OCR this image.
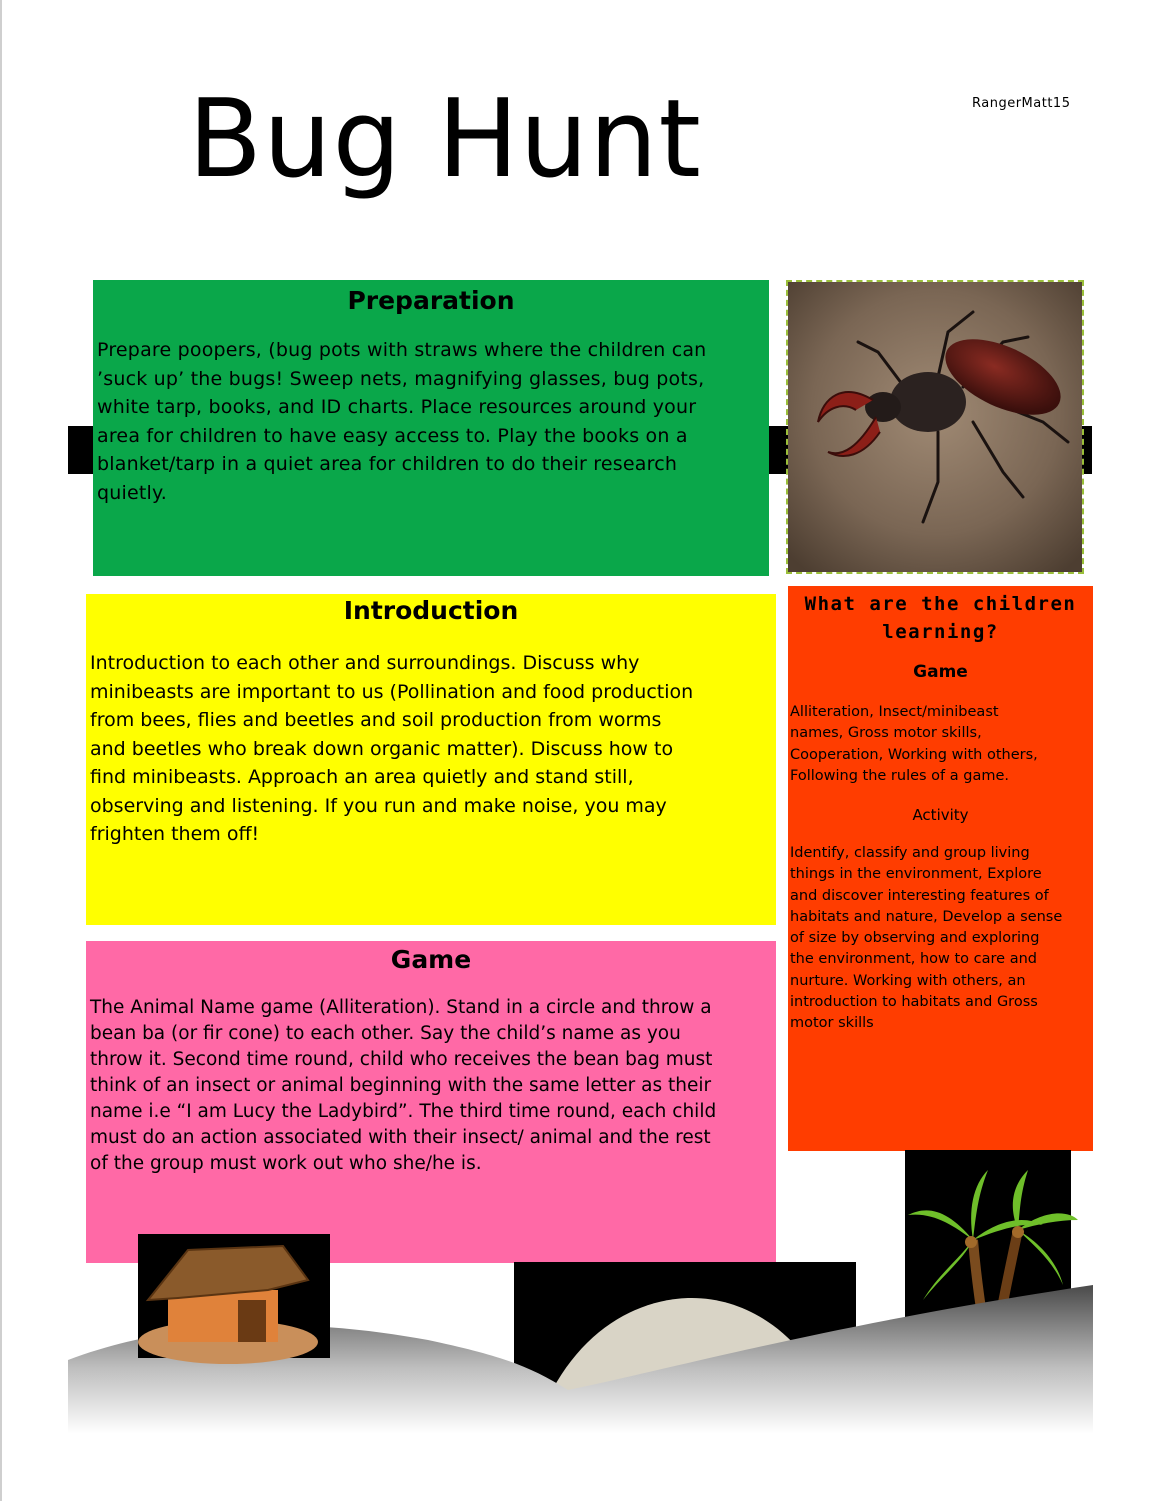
Bug Hunt	RangerMatt15
Preparation

Prepare poopers, (bug pots with straws where the children can
’suck up’ the bugs! Sweep nets, magnifying glasses, bug pots,
white tarp, books, and ID charts. Place resources around your
area for children to have easy access to. Play the books on a
blanket/tarp in a quiet area for children to do their research
quietly.

Introduction

Introduction to each other and surroundings. Discuss why
minibeasts are important to us (Pollination and food production
from bees, flies and beetles and soil production from worms
and beetles who break down organic matter). Discuss how to
find minibeasts. Approach an area quietly and stand still,
observing and listening. If you run and make noise, you may
frighten them off!

Game

The Animal Name game (Alliteration). Stand in a circle and throw a
bean ba (or fir cone) to each other. Say the child’s name as you
throw it. Second time round, child who receives the bean bag must
think of an insect or animal beginning with the same letter as their
name i.e “I am Lucy the Ladybird”. The third time round, each child
must do an action associated with their insect/ animal and the rest
of the group must work out who she/he is.

What are the children learning?
Game
Alliteration, Insect/minibeast
names, Gross motor skills,
Cooperation, Working with others,
Following the rules of a game.
Activity
Identify, classify and group living
things in the environment, Explore
and discover interesting features of
habitats and nature, Develop a sense
of size by observing and exploring
the environment, how to care and
nurture. Working with others, an
introduction to habitats and Gross
motor skills
